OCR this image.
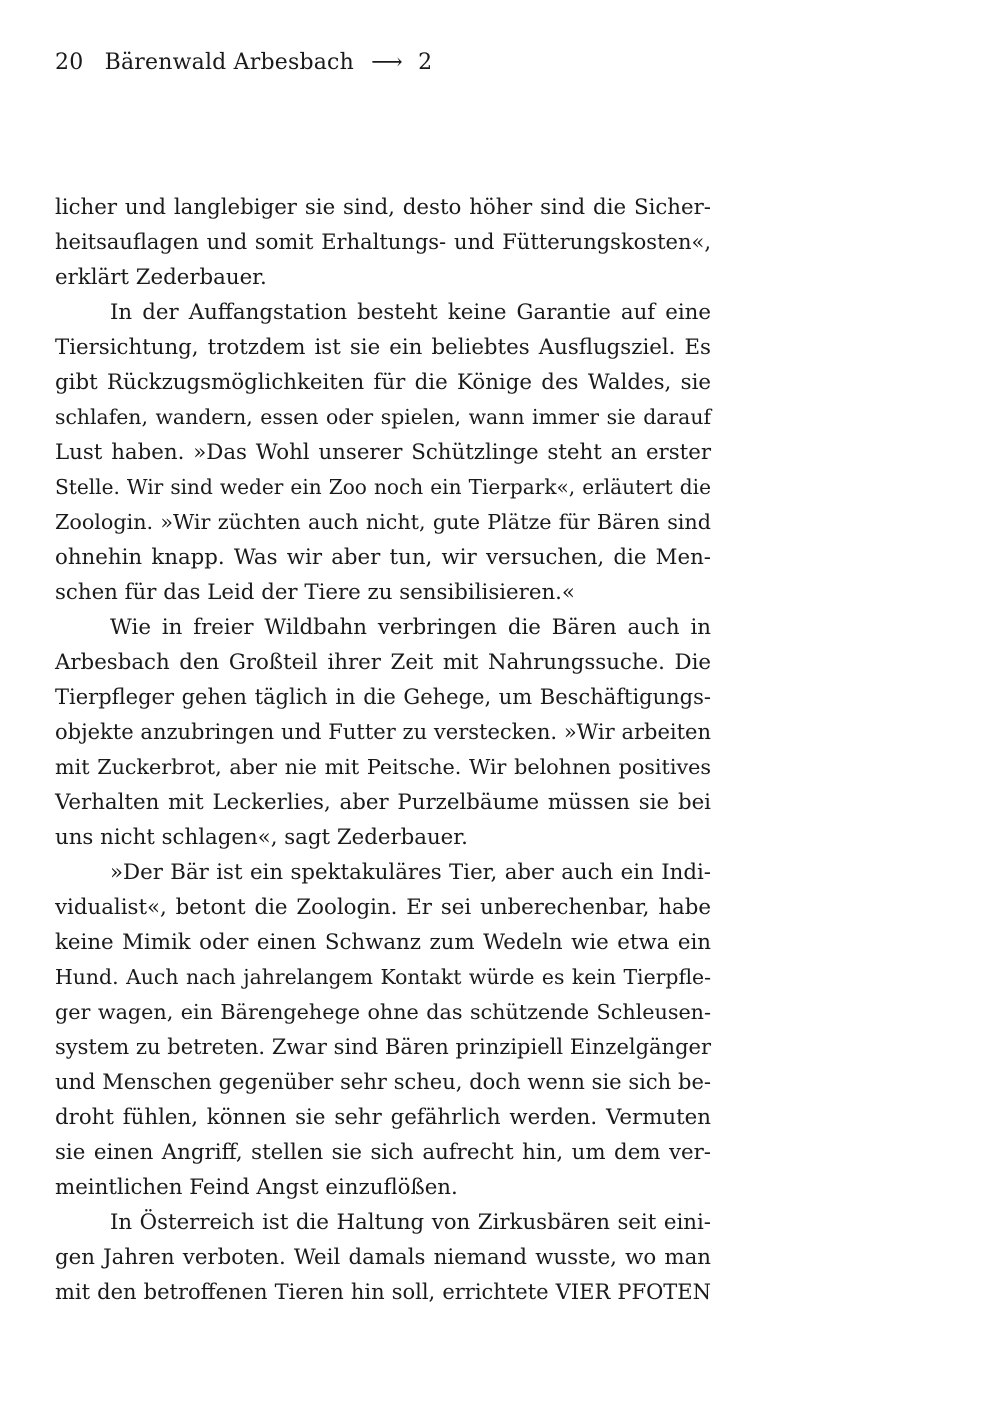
20 Bärenwald Arbesbach ⟶ 2
licher und langlebiger sie sind, desto höher sind die Sicher-
heitsauflagen und somit Erhaltungs- und Fütterungskosten«,
erklärt Zederbauer.
In der Auffangstation besteht keine Garantie auf eine
Tiersichtung, trotzdem ist sie ein beliebtes Ausflugsziel. Es
gibt Rückzugsmöglichkeiten für die Könige des Waldes, sie
schlafen, wandern, essen oder spielen, wann immer sie darauf
Lust haben. »Das Wohl unserer Schützlinge steht an erster
Stelle. Wir sind weder ein Zoo noch ein Tierpark«, erläutert die
Zoologin. »Wir züchten auch nicht, gute Plätze für Bären sind
ohnehin knapp. Was wir aber tun, wir versuchen, die Men-
schen für das Leid der Tiere zu sensibilisieren.«
Wie in freier Wildbahn verbringen die Bären auch in
Arbesbach den Großteil ihrer Zeit mit Nahrungssuche. Die
Tierpfleger gehen täglich in die Gehege, um Beschäftigungs-
objekte anzubringen und Futter zu verstecken. »Wir arbeiten
mit Zuckerbrot, aber nie mit Peitsche. Wir belohnen positives
Verhalten mit Leckerlies, aber Purzelbäume müssen sie bei
uns nicht schlagen«, sagt Zederbauer.
»Der Bär ist ein spektakuläres Tier, aber auch ein Indi-
vidualist«, betont die Zoologin. Er sei unberechenbar, habe
keine Mimik oder einen Schwanz zum Wedeln wie etwa ein
Hund. Auch nach jahrelangem Kontakt würde es kein Tierpfle-
ger wagen, ein Bärengehege ohne das schützende Schleusen-
system zu betreten. Zwar sind Bären prinzipiell Einzelgänger
und Menschen gegenüber sehr scheu, doch wenn sie sich be-
droht fühlen, können sie sehr gefährlich werden. Vermuten
sie einen Angriff, stellen sie sich aufrecht hin, um dem ver-
meintlichen Feind Angst einzuflößen.
In Österreich ist die Haltung von Zirkusbären seit eini-
gen Jahren verboten. Weil damals niemand wusste, wo man
mit den betroffenen Tieren hin soll, errichtete VIER PFOTEN
